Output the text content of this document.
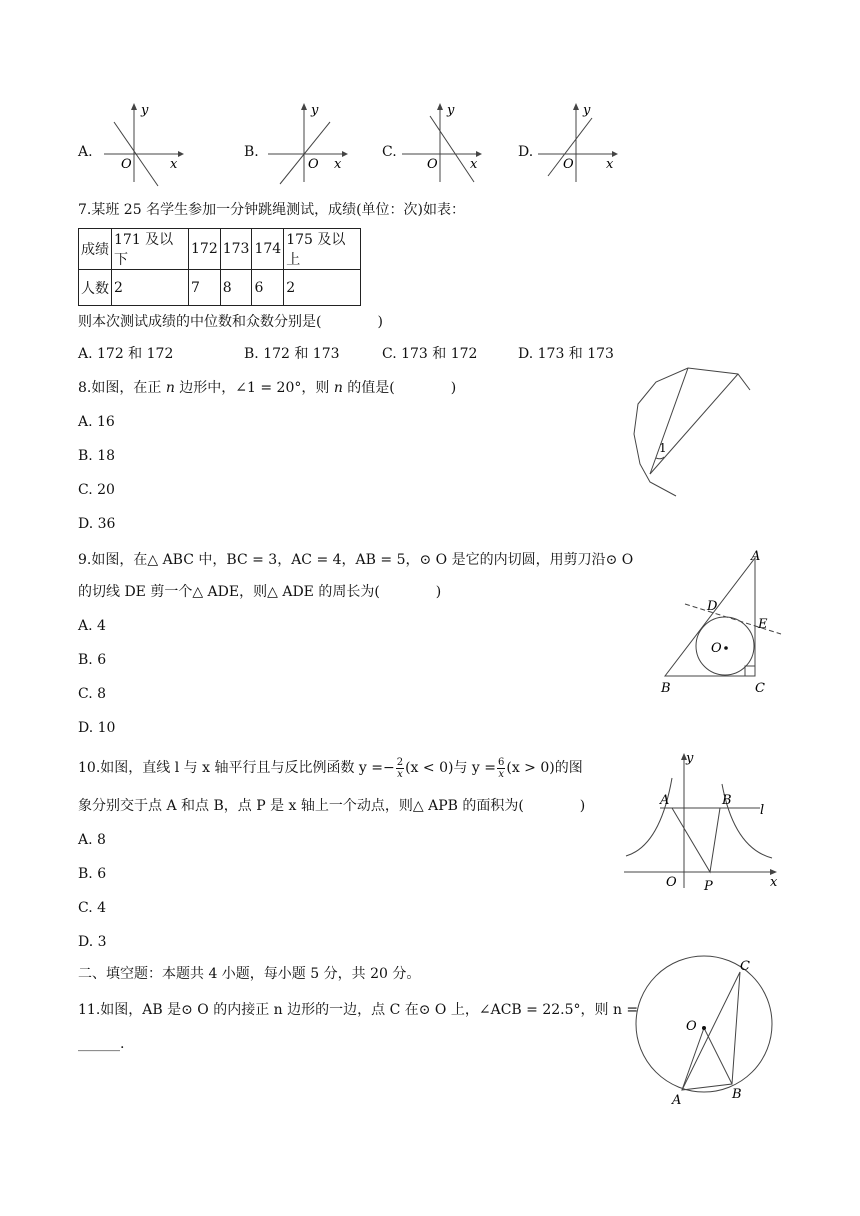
A.
y
x
O
B.
y
x
O
C.
y
x
O
D.
y
x
O
7.某班 25 名学生参加一分钟跳绳测试，成绩(单位：次)如表：
成绩	171 及以下	172	173	174	175 及以上
人数	2	7	8	6	2
则本次测试成绩的中位数和众数分别是(　　　　)
A. 172 和 172	B. 172 和 173	C. 173 和 172	D. 173 和 173
8.如图，在正 n 边形中，∠1 = 20°，则 n 的值是(　　　　)
A. 16
B. 18
C. 20
D. 36
1
9.如图，在△ ABC 中，BC = 3，AC = 4，AB = 5，⊙ O 是它的内切圆，用剪刀沿⊙ O
的切线 DE 剪一个△ ADE，则△ ADE 的周长为(　　　　)
A. 4
B. 6
C. 8
D. 10
A
B	C
D
E
O
10.如图，直线 l 与 x 轴平行且与反比例函数 $y =- \frac{2}{x} (x < 0)$与 $y = \frac{6}{x} (x > 0)$的图
象分别交于点 A 和点 B，点 P 是 x 轴上一个动点，则△ APB 的面积为(　　　　)
A. 8
B. 6
C. 4
D. 3
y
x
O
A	B
P
l
二、填空题：本题共 4 小题，每小题 5 分，共 20 分。
11.如图，AB 是⊙ O 的内接正 n 边形的一边，点 C 在⊙ O 上，∠ACB = 22.5°，则 n =
______.
C
O
A	B
